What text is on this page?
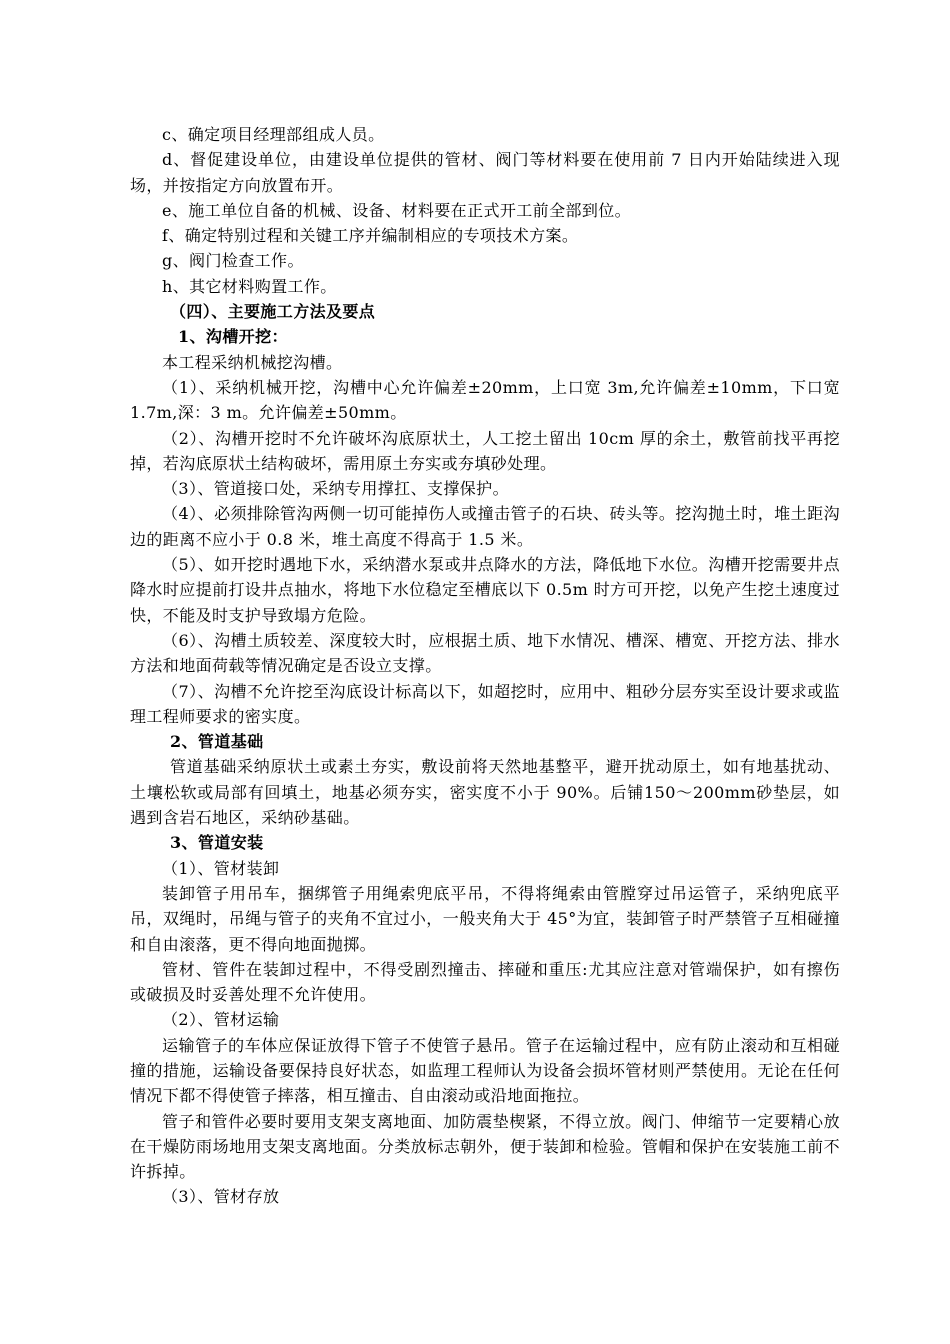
c、确定项目经理部组成人员。

d、督促建设单位，由建设单位提供的管材、阀门等材料要在使用前 7 日内开始陆续进入现场，并按指定方向放置布开。

e、施工单位自备的机械、设备、材料要在正式开工前全部到位。

f、确定特别过程和关键工序并编制相应的专项技术方案。

g、阀门检查工作。

h、其它材料购置工作。

（四）、主要施工方法及要点

1、沟槽开挖：

本工程采纳机械挖沟槽。

（1）、采纳机械开挖，沟槽中心允许偏差±20mm，上口宽 3m,允许偏差±10mm，下口宽 1.7m,深：3 m。允许偏差±50mm。

（2）、沟槽开挖时不允许破坏沟底原状土，人工挖土留出 10cm 厚的余土，敷管前找平再挖掉，若沟底原状土结构破坏，需用原土夯实或夯填砂处理。

（3）、管道接口处，采纳专用撑扛、支撑保护。

（4）、必须排除管沟两侧一切可能掉伤人或撞击管子的石块、砖头等。挖沟抛土时，堆土距沟边的距离不应小于 0.8 米，堆土高度不得高于 1.5 米。

（5）、如开挖时遇地下水，采纳潜水泵或井点降水的方法，降低地下水位。沟槽开挖需要井点降水时应提前打设井点抽水，将地下水位稳定至槽底以下 0.5m 时方可开挖，以免产生挖土速度过快，不能及时支护导致塌方危险。

（6）、沟槽土质较差、深度较大时，应根据土质、地下水情况、槽深、槽宽、开挖方法、排水方法和地面荷载等情况确定是否设立支撑。

（7）、沟槽不允许挖至沟底设计标高以下，如超挖时，应用中、粗砂分层夯实至设计要求或监理工程师要求的密实度。

2、管道基础

管道基础采纳原状土或素土夯实，敷设前将天然地基整平，避开扰动原土，如有地基扰动、土壤松软或局部有回填土，地基必须夯实，密实度不小于 90%。后铺150～200mm砂垫层，如遇到含岩石地区，采纳砂基础。

3、管道安装

（1）、管材装卸

装卸管子用吊车，捆绑管子用绳索兜底平吊，不得将绳索由管膛穿过吊运管子，采纳兜底平吊，双绳时，吊绳与管子的夹角不宜过小，一般夹角大于 45°为宜，装卸管子时严禁管子互相碰撞和自由滚落，更不得向地面抛掷。

管材、管件在装卸过程中，不得受剧烈撞击、摔碰和重压:尤其应注意对管端保护，如有擦伤或破损及时妥善处理不允许使用。

（2）、管材运输

运输管子的车体应保证放得下管子不使管子悬吊。管子在运输过程中，应有防止滚动和互相碰撞的措施，运输设备要保持良好状态，如监理工程师认为设备会损坏管材则严禁使用。无论在任何情况下都不得使管子摔落，相互撞击、自由滚动或沿地面拖拉。

管子和管件必要时要用支架支离地面、加防震垫楔紧，不得立放。阀门、伸缩节一定要精心放在干燥防雨场地用支架支离地面。分类放标志朝外，便于装卸和检验。管帽和保护在安装施工前不许拆掉。

（3）、管材存放
